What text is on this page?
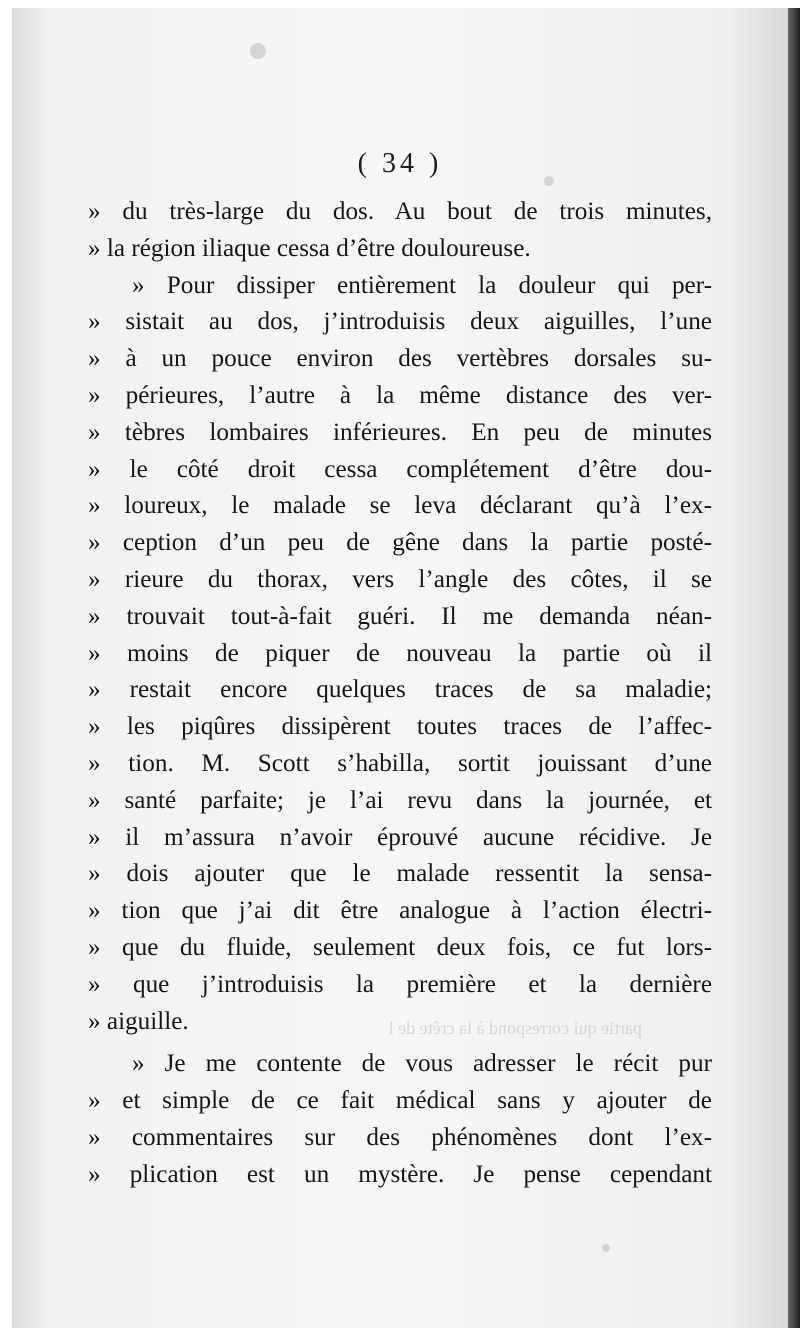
( 34 )
partie qui correspond à la crête de l
» du très-large du dos. Au bout de trois minutes,
» la région iliaque cessa d’être douloureuse.
» Pour dissiper entièrement la douleur qui per-
» sistait au dos, j’introduisis deux aiguilles, l’une
» à un pouce environ des vertèbres dorsales su-
» périeures, l’autre à la même distance des ver-
» tèbres lombaires inférieures. En peu de minutes
» le côté droit cessa complétement d’être dou-
» loureux, le malade se leva déclarant qu’à l’ex-
» ception d’un peu de gêne dans la partie posté-
» rieure du thorax, vers l’angle des côtes, il se
» trouvait tout-à-fait guéri. Il me demanda néan-
» moins de piquer de nouveau la partie où il
» restait encore quelques traces de sa maladie;
» les piqûres dissipèrent toutes traces de l’affec-
» tion. M. Scott s’habilla, sortit jouissant d’une
» santé parfaite; je l’ai revu dans la journée, et
» il m’assura n’avoir éprouvé aucune récidive. Je
» dois ajouter que le malade ressentit la sensa-
» tion que j’ai dit être analogue à l’action électri-
» que du fluide, seulement deux fois, ce fut lors-
» que j’introduisis la première et la dernière
» aiguille.
» Je me contente de vous adresser le récit pur
» et simple de ce fait médical sans y ajouter de
» commentaires sur des phénomènes dont l’ex-
» plication est un mystère. Je pense cependant
